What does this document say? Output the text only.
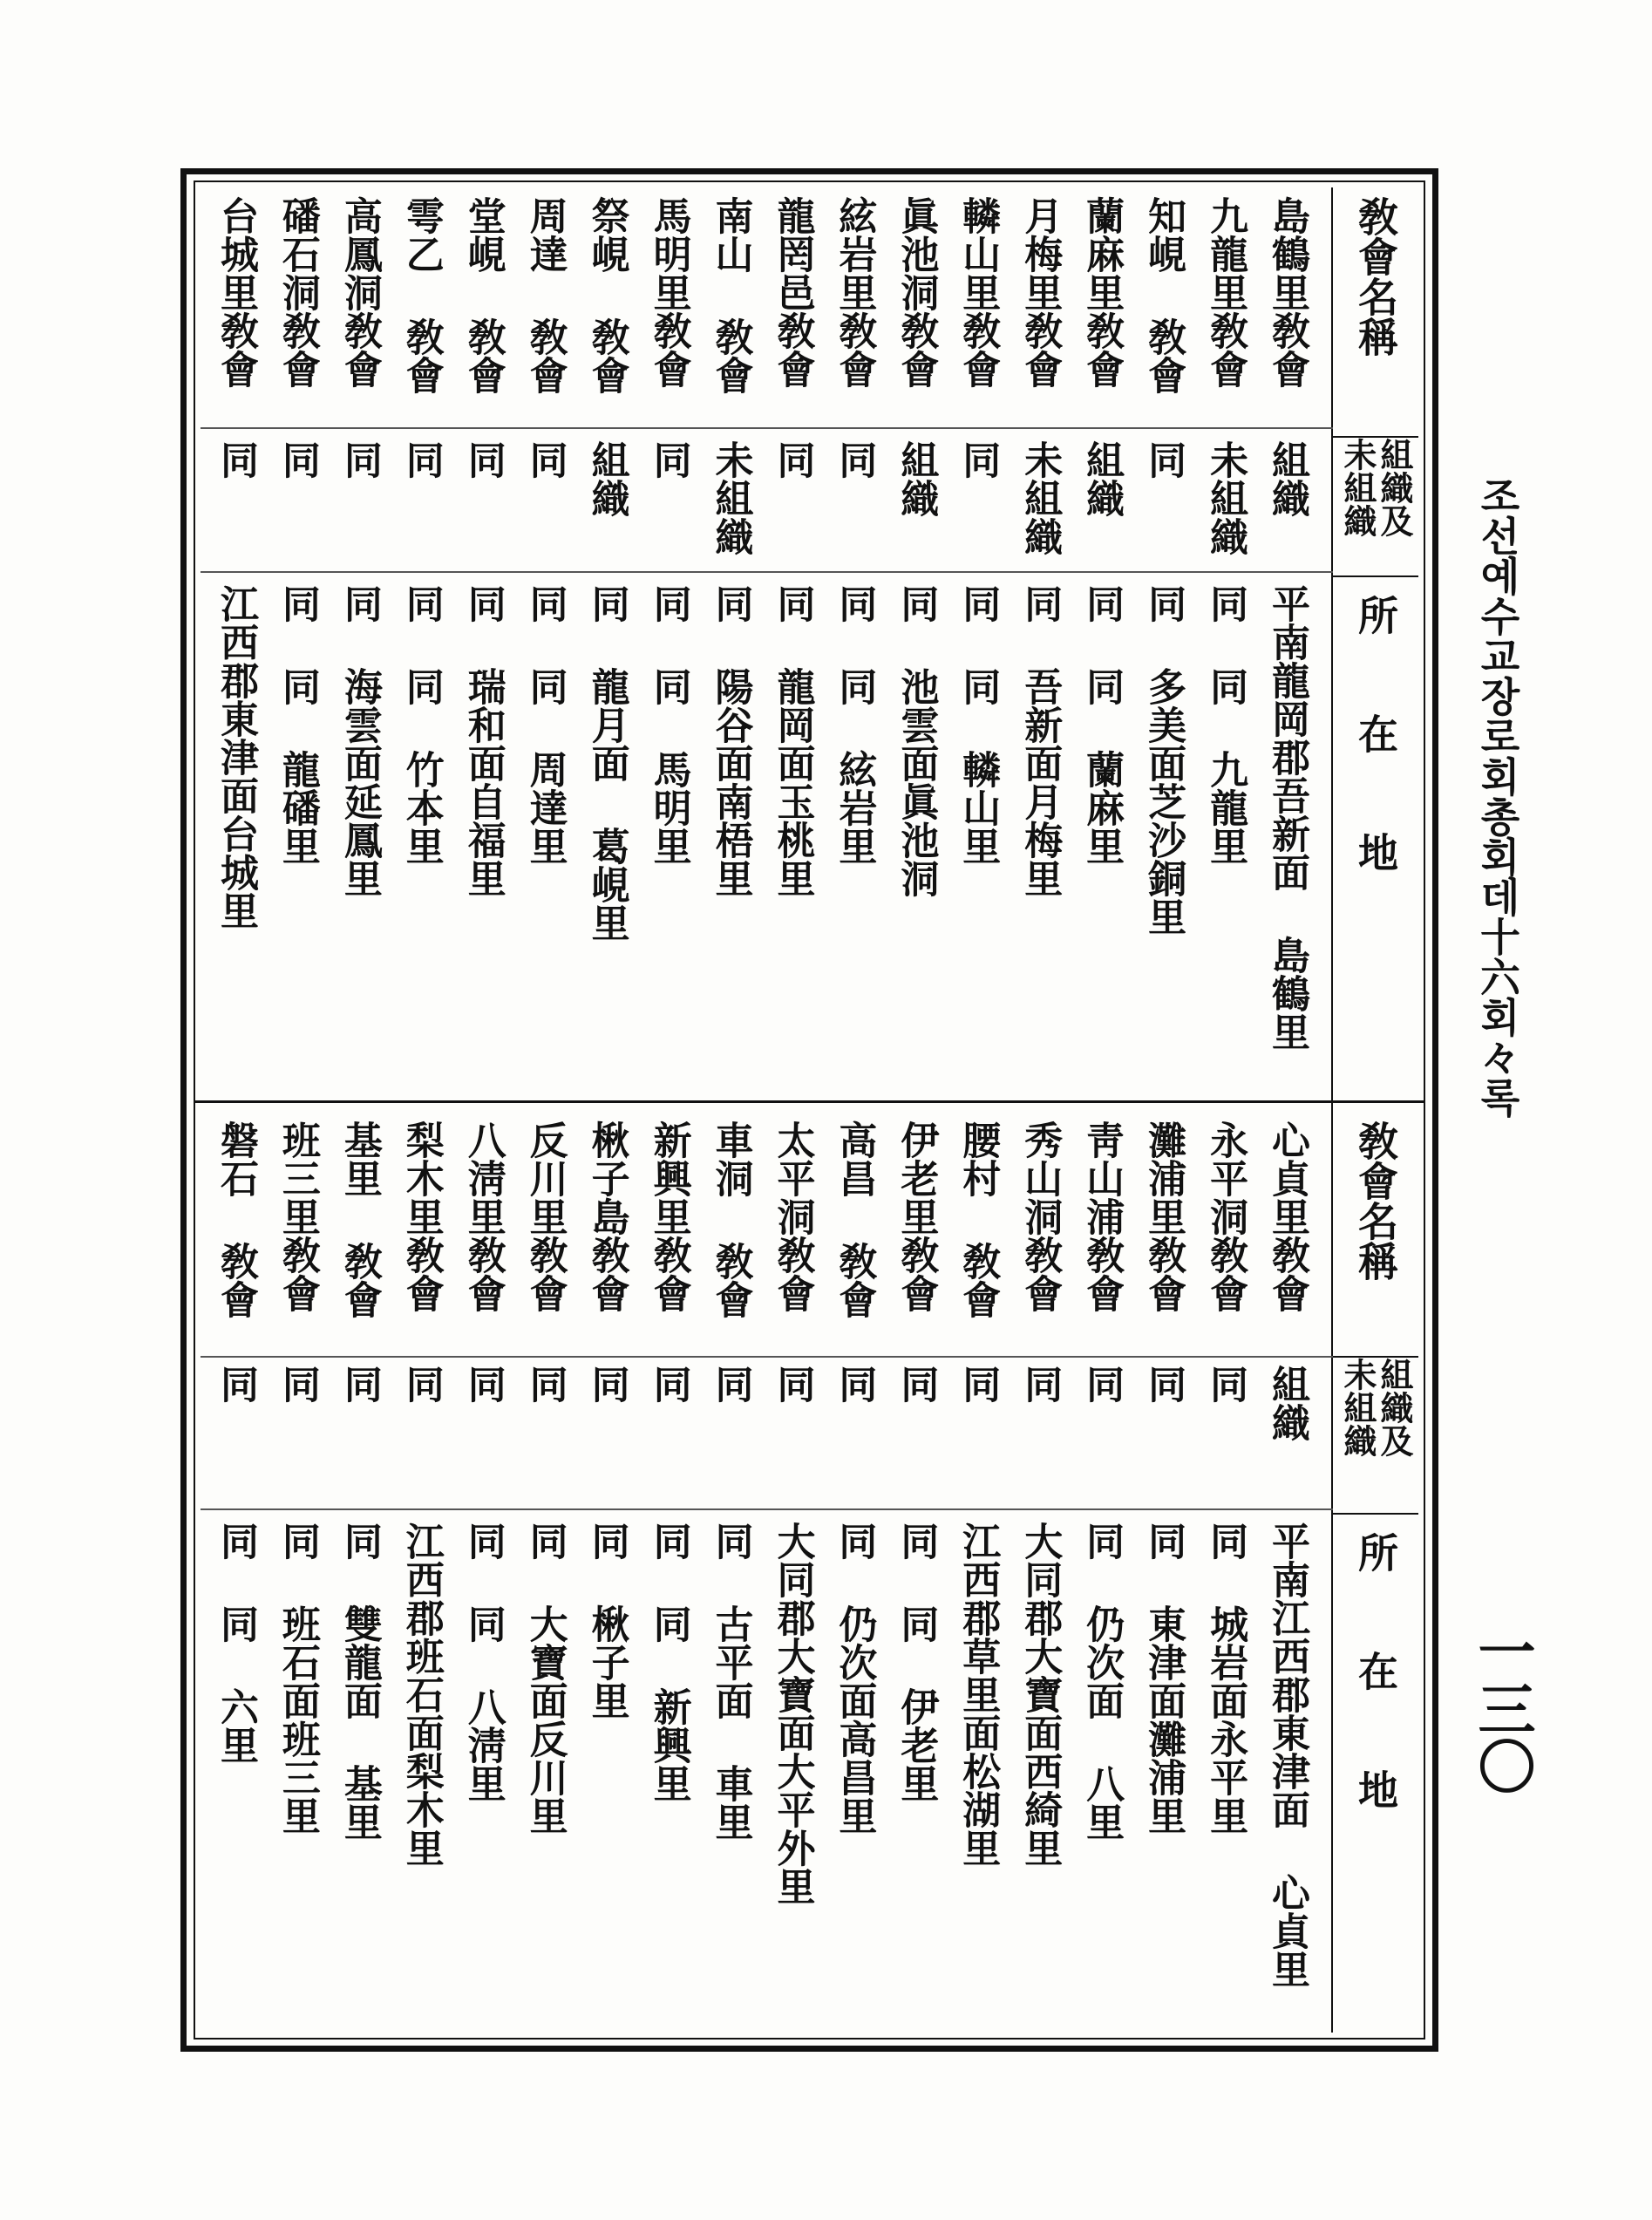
조선예수교장로회총회데十六회々록
一三〇
敎會名稱
組織及
未組織
所在地
島鶴里敎會
組織
平南龍岡郡吾新面 島鶴里
九龍里敎會
未組織
同 同 九龍里
知峴 敎會
同
同 多美面芝沙銅里
蘭麻里敎會
組織
同 同 蘭麻里
月梅里敎會
未組織
同 吾新面月梅里
轔山里敎會
同
同 同 轔山里
眞池洞敎會
組織
同 池雲面眞池洞
絃岩里敎會
同
同 同 絃岩里
龍罔邑敎會
同
同 龍岡面玉桃里
南山 敎會
未組織
同 陽谷面南梧里
馬明里敎會
同
同 同 馬明里
祭峴 敎會
組織
同 龍月面 葛峴里
周達 敎會
同
同 同 周達里
堂峴 敎會
同
同 瑞和面自福里
雩乙 敎會
同
同 同 竹本里
高鳳洞敎會
同
同 海雲面延鳳里
磻石洞敎會
同
同 同 龍磻里
台城里敎會
同
江西郡東津面台城里
敎會名稱
組織及
未組織
所在地
心貞里敎會
組織
平南江西郡東津面 心貞里
永平洞敎會
同
同 城岩面永平里
灘浦里敎會
同
同 東津面灘浦里
靑山浦敎會
同
同 仍次面 八里
秀山洞敎會
同
大同郡大寶面西綺里
腰村 敎會
同
江西郡草里面松湖里
伊老里敎會
同
同 同 伊老里
高昌 敎會
同
同 仍次面高昌里
太平洞敎會
同
大同郡大寶面大平外里
車洞 敎會
同
同 古平面 車里
新興里敎會
同
同 同 新興里
楸子島敎會
同
同 楸子里
反川里敎會
同
同 大寶面反川里
八淸里敎會
同
同 同 八淸里
梨木里敎會
同
江西郡班石面梨木里
基里 敎會
同
同 雙龍面 基里
班三里敎會
同
同 班石面班三里
磐石 敎會
同
同 同 六里
